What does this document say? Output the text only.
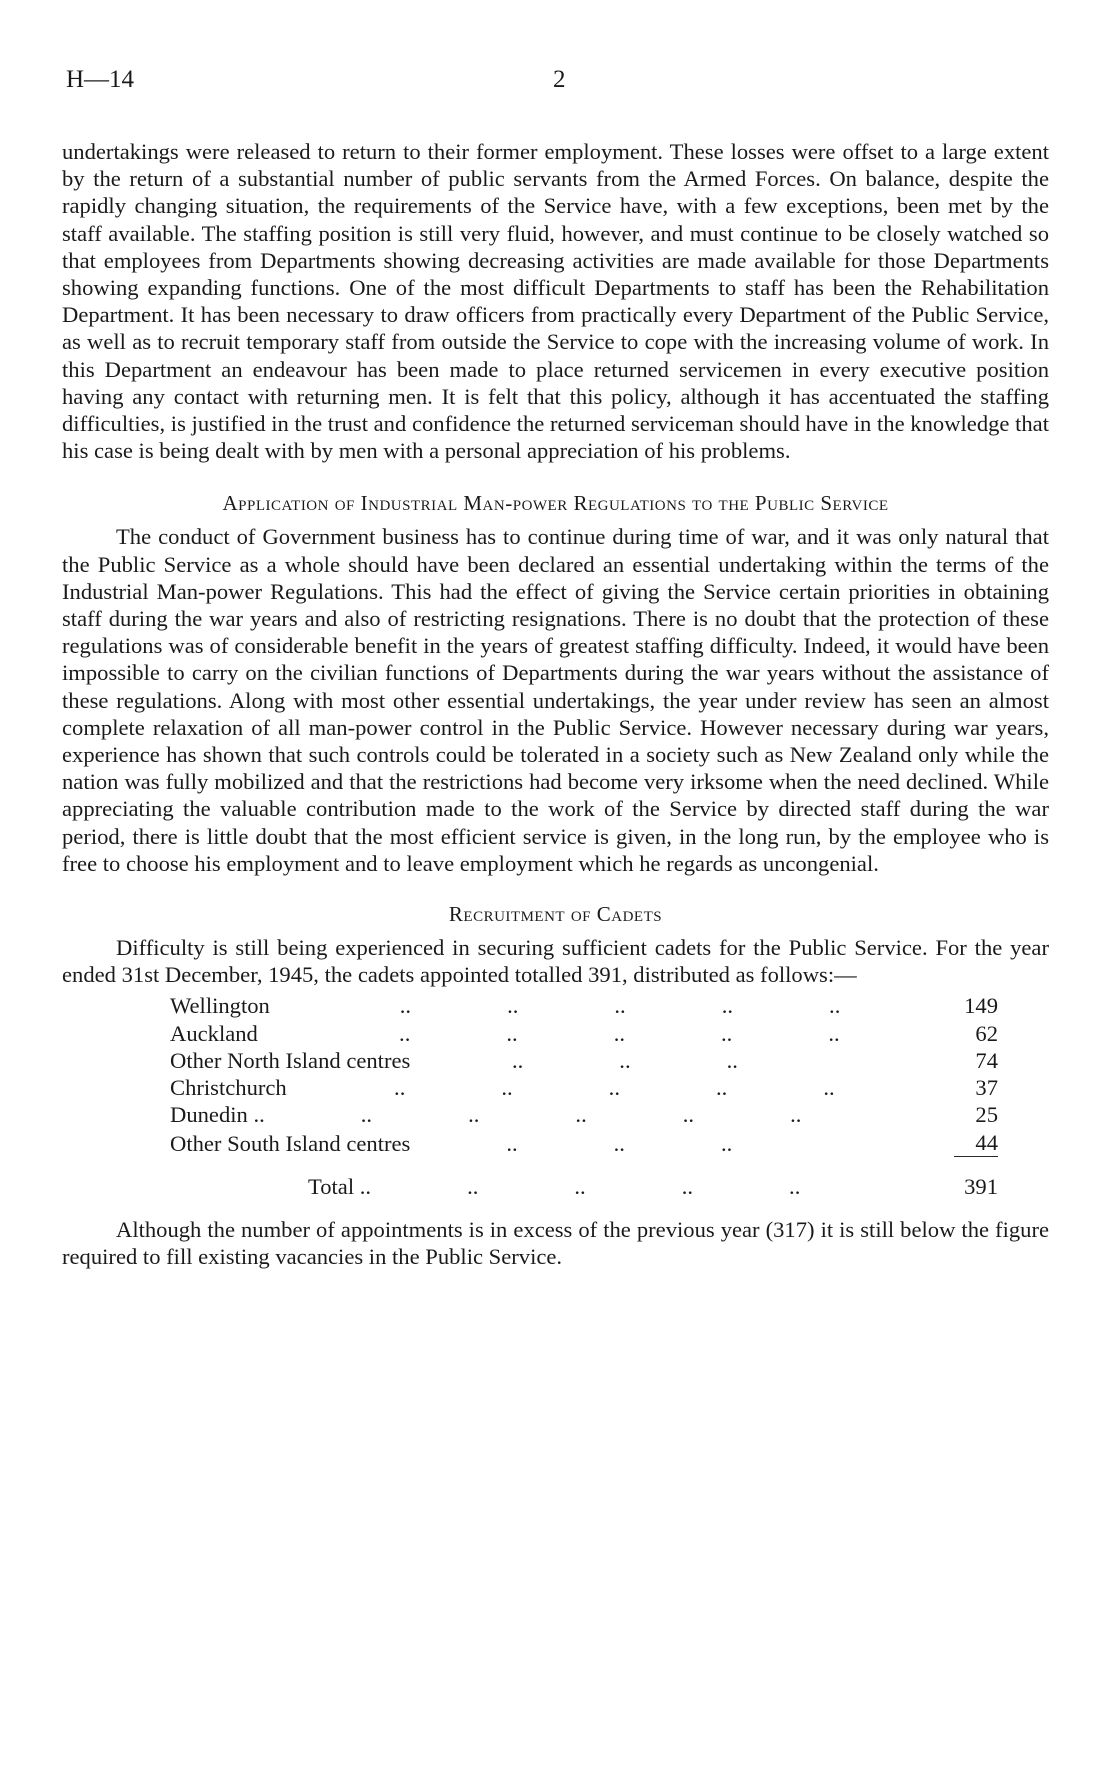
H—14	2

undertakings were released to return to their former employment. These losses were offset to a large extent by the return of a substantial number of public servants from the Armed Forces. On balance, despite the rapidly changing situation, the requirements of the Service have, with a few exceptions, been met by the staff available. The staffing position is still very fluid, however, and must continue to be closely watched so that employees from Departments showing decreasing activities are made available for those Departments showing expanding functions. One of the most difficult Departments to staff has been the Rehabilitation Department. It has been necessary to draw officers from practically every Department of the Public Service, as well as to recruit temporary staff from outside the Service to cope with the increasing volume of work. In this Department an endeavour has been made to place returned servicemen in every executive position having any contact with returning men. It is felt that this policy, although it has accentuated the staffing difficulties, is justified in the trust and confidence the returned serviceman should have in the knowledge that his case is being dealt with by men with a personal appreciation of his problems.

Application of Industrial Man-power Regulations to the Public Service

The conduct of Government business has to continue during time of war, and it was only natural that the Public Service as a whole should have been declared an essential undertaking within the terms of the Industrial Man-power Regulations. This had the effect of giving the Service certain priorities in obtaining staff during the war years and also of restricting resignations. There is no doubt that the protection of these regulations was of considerable benefit in the years of greatest staffing difficulty. Indeed, it would have been impossible to carry on the civilian functions of Departments during the war years without the assistance of these regulations. Along with most other essential undertakings, the year under review has seen an almost complete relaxation of all man-power control in the Public Service. However necessary during war years, experience has shown that such controls could be tolerated in a society such as New Zealand only while the nation was fully mobilized and that the restrictions had become very irksome when the need declined. While appreciating the valuable contribution made to the work of the Service by directed staff during the war period, there is little doubt that the most efficient service is given, in the long run, by the employee who is free to choose his employment and to leave employment which he regards as uncongenial.

Recruitment of Cadets

Difficulty is still being experienced in securing sufficient cadets for the Public Service. For the year ended 31st December, 1945, the cadets appointed totalled 391, distributed as follows:—

Wellington                       ..                 ..                 ..                 ..                 ..	149
Auckland                         ..                 ..                 ..                 ..                 ..	62
Other North Island centres                  ..                 ..                 ..	74
Christchurch                   ..                 ..                 ..                 ..                 ..	37
Dunedin ..                 ..                 ..                 ..                 ..                 ..	25
Other South Island centres                 ..                 ..                 ..	44

Total ..                 ..                 ..                 ..                 ..	391

Although the number of appointments is in excess of the previous year (317) it is still below the figure required to fill existing vacancies in the Public Service.
